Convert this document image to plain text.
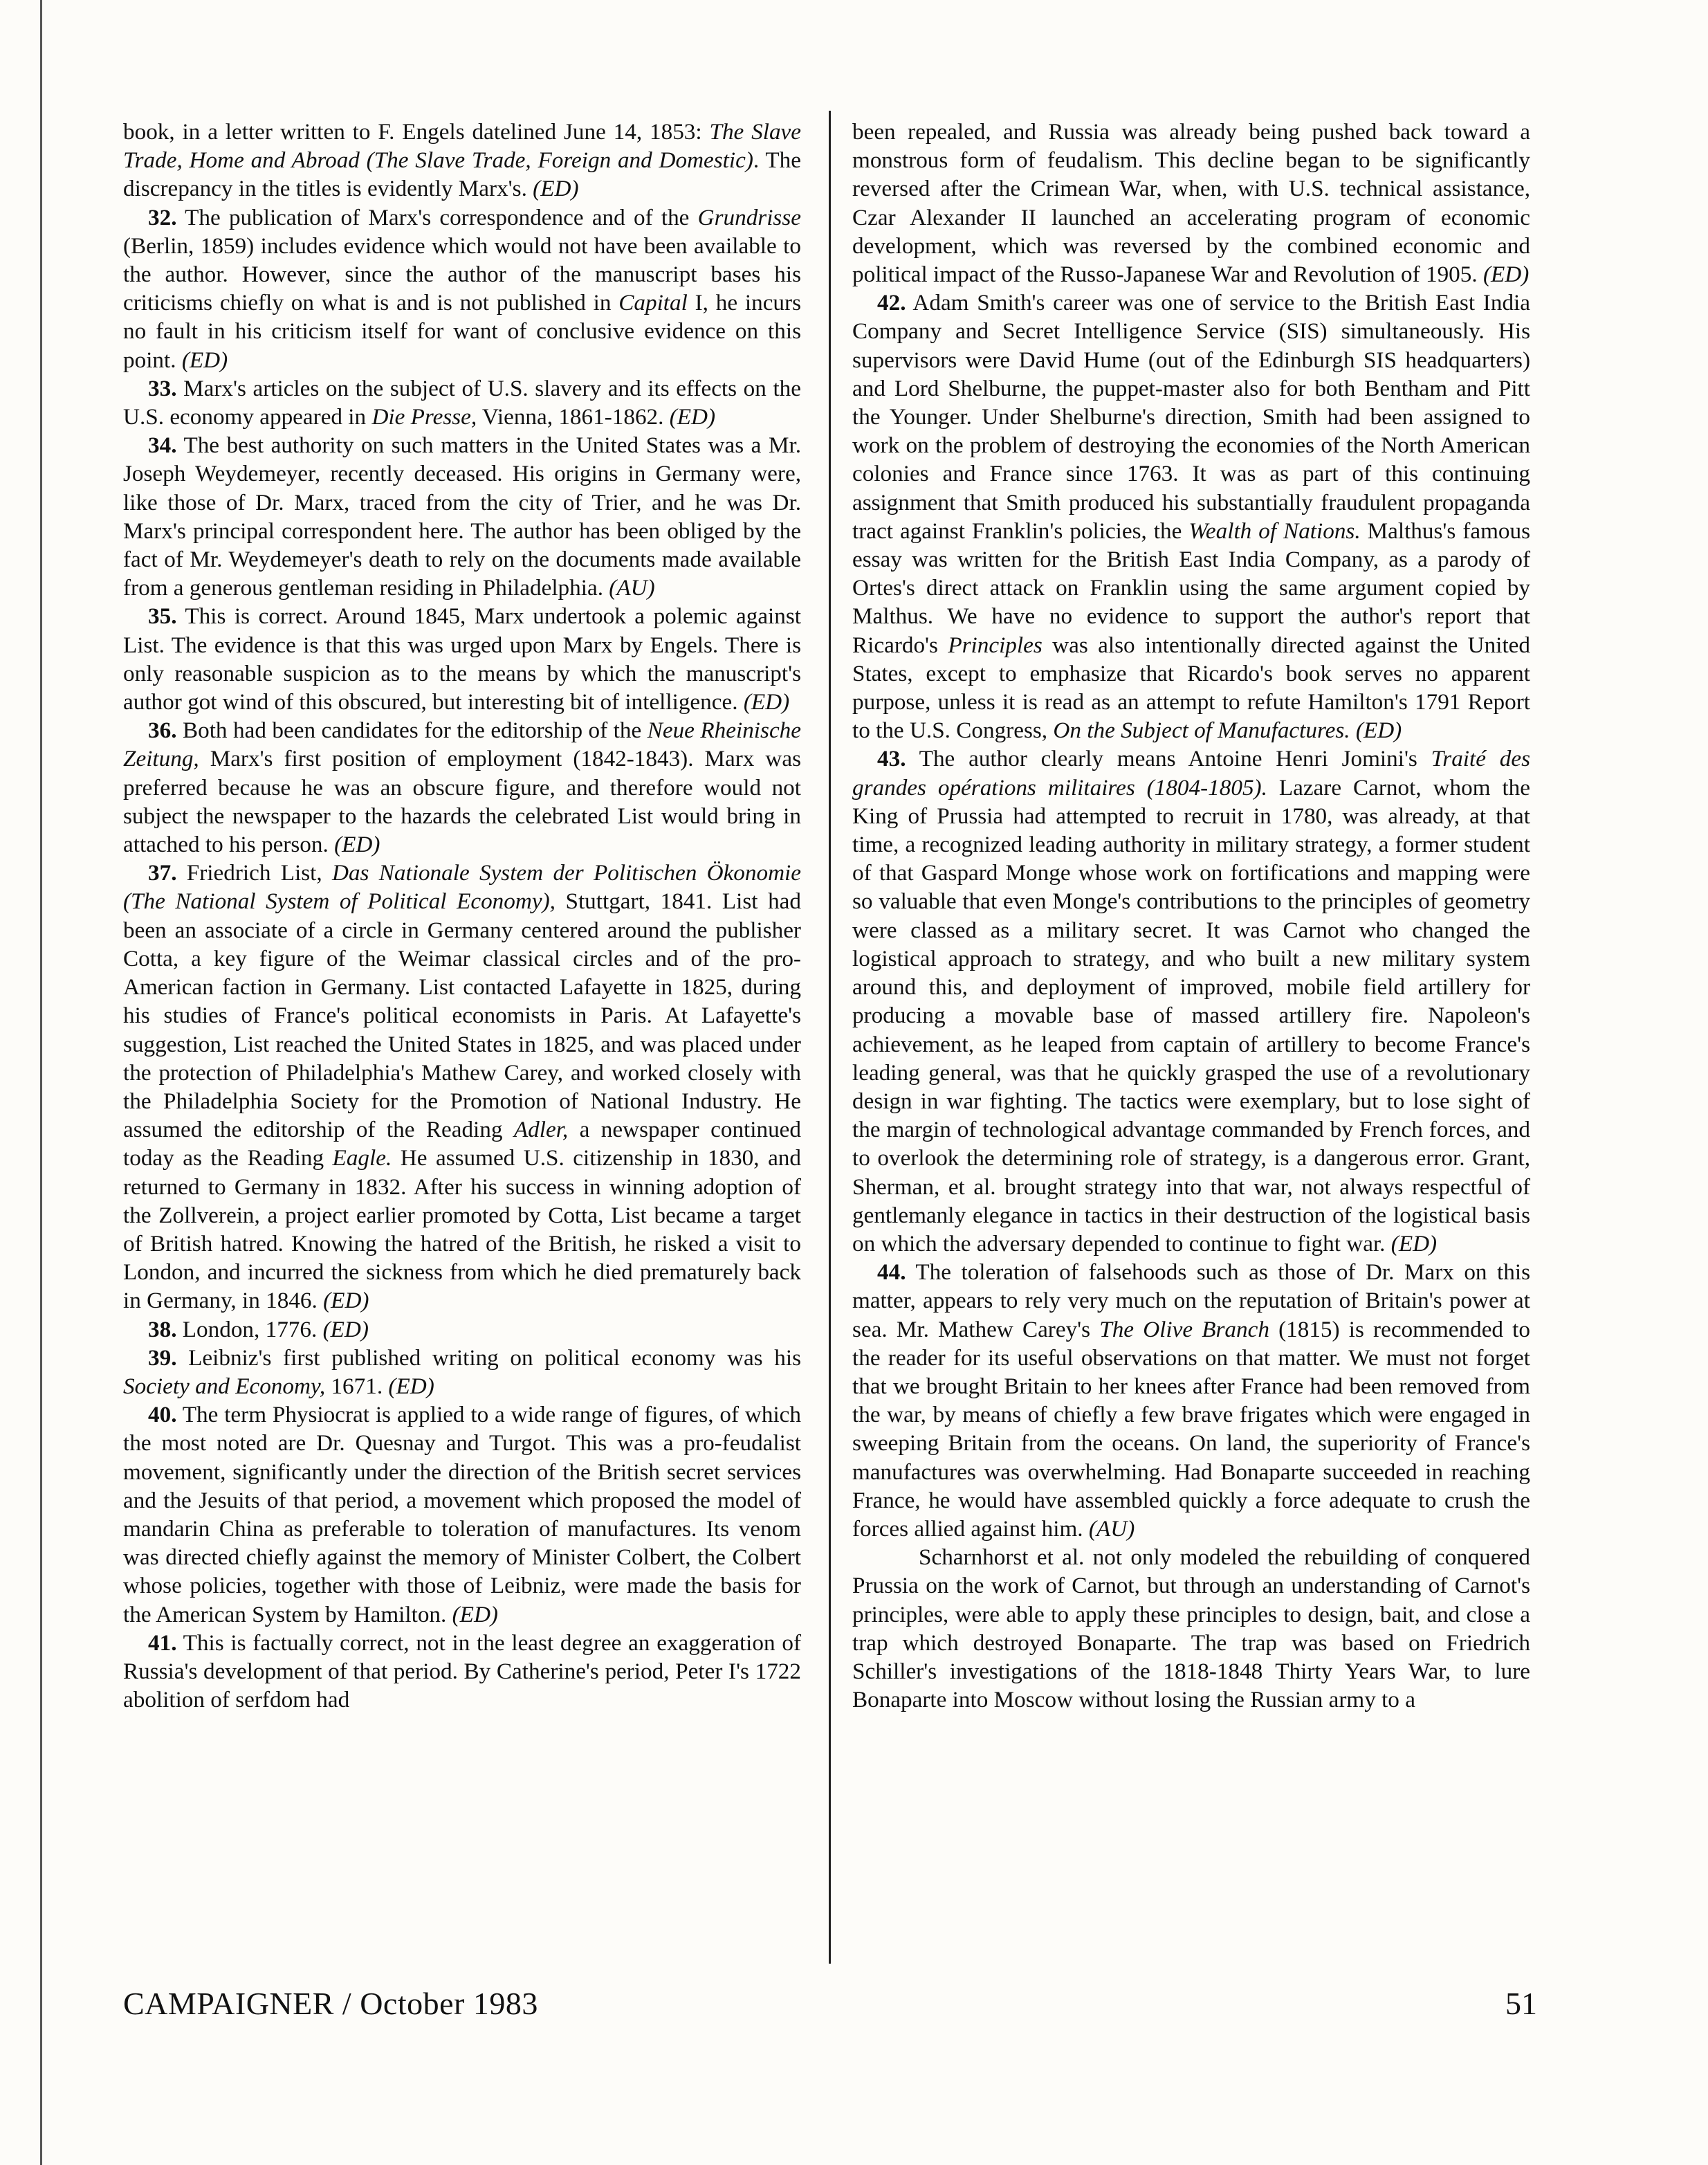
book, in a letter written to F. Engels datelined June 14, 1853: The Slave Trade, Home and Abroad (The Slave Trade, Foreign and Domestic). The discrepancy in the titles is evidently Marx's. (ED)

32. The publication of Marx's correspondence and of the Grundrisse (Berlin, 1859) includes evidence which would not have been available to the author. However, since the author of the manuscript bases his criticisms chiefly on what is and is not published in Capital I, he incurs no fault in his criticism itself for want of conclusive evidence on this point. (ED)

33. Marx's articles on the subject of U.S. slavery and its effects on the U.S. economy appeared in Die Presse, Vienna, 1861-1862. (ED)

34. The best authority on such matters in the United States was a Mr. Joseph Weydemeyer, recently deceased. His origins in Germany were, like those of Dr. Marx, traced from the city of Trier, and he was Dr. Marx's principal correspondent here. The author has been obliged by the fact of Mr. Weydemeyer's death to rely on the documents made available from a generous gentleman residing in Philadelphia. (AU)

35. This is correct. Around 1845, Marx undertook a polemic against List. The evidence is that this was urged upon Marx by Engels. There is only reasonable suspicion as to the means by which the manuscript's author got wind of this obscured, but interesting bit of intelligence. (ED)

36. Both had been candidates for the editorship of the Neue Rheinische Zeitung, Marx's first position of employment (1842-1843). Marx was preferred because he was an obscure figure, and therefore would not subject the newspaper to the hazards the celebrated List would bring in attached to his person. (ED)

37. Friedrich List, Das Nationale System der Politischen Ökonomie (The National System of Political Economy), Stuttgart, 1841. List had been an associate of a circle in Germany centered around the publisher Cotta, a key figure of the Weimar classical circles and of the pro-American faction in Germany. List contacted Lafayette in 1825, during his studies of France's political economists in Paris. At Lafayette's suggestion, List reached the United States in 1825, and was placed under the protection of Philadelphia's Mathew Carey, and worked closely with the Philadelphia Society for the Promotion of National Industry. He assumed the editorship of the Reading Adler, a newspaper continued today as the Reading Eagle. He assumed U.S. citizenship in 1830, and returned to Germany in 1832. After his success in winning adoption of the Zollverein, a project earlier promoted by Cotta, List became a target of British hatred. Knowing the hatred of the British, he risked a visit to London, and incurred the sickness from which he died prematurely back in Germany, in 1846. (ED)

38. London, 1776. (ED)

39. Leibniz's first published writing on political economy was his Society and Economy, 1671. (ED)

40. The term Physiocrat is applied to a wide range of figures, of which the most noted are Dr. Quesnay and Turgot. This was a pro-feudalist movement, significantly under the direction of the British secret services and the Jesuits of that period, a movement which proposed the model of mandarin China as preferable to toleration of manufactures. Its venom was directed chiefly against the memory of Minister Colbert, the Colbert whose policies, together with those of Leibniz, were made the basis for the American System by Hamilton. (ED)

41. This is factually correct, not in the least degree an exaggeration of Russia's development of that period. By Catherine's period, Peter I's 1722 abolition of serfdom had

been repealed, and Russia was already being pushed back toward a monstrous form of feudalism. This decline began to be significantly reversed after the Crimean War, when, with U.S. technical assistance, Czar Alexander II launched an accelerating program of economic development, which was reversed by the combined economic and political impact of the Russo-Japanese War and Revolution of 1905. (ED)

42. Adam Smith's career was one of service to the British East India Company and Secret Intelligence Service (SIS) simultaneously. His supervisors were David Hume (out of the Edinburgh SIS headquarters) and Lord Shelburne, the puppet-master also for both Bentham and Pitt the Younger. Under Shelburne's direction, Smith had been assigned to work on the problem of destroying the economies of the North American colonies and France since 1763. It was as part of this continuing assignment that Smith produced his substantially fraudulent propaganda tract against Franklin's policies, the Wealth of Nations. Malthus's famous essay was written for the British East India Company, as a parody of Ortes's direct attack on Franklin using the same argument copied by Malthus. We have no evidence to support the author's report that Ricardo's Principles was also intentionally directed against the United States, except to emphasize that Ricardo's book serves no apparent purpose, unless it is read as an attempt to refute Hamilton's 1791 Report to the U.S. Congress, On the Subject of Manufactures. (ED)

43. The author clearly means Antoine Henri Jomini's Traité des grandes opérations militaires (1804-1805). Lazare Carnot, whom the King of Prussia had attempted to recruit in 1780, was already, at that time, a recognized leading authority in military strategy, a former student of that Gaspard Monge whose work on fortifications and mapping were so valuable that even Monge's contributions to the principles of geometry were classed as a military secret. It was Carnot who changed the logistical approach to strategy, and who built a new military system around this, and deployment of improved, mobile field artillery for producing a movable base of massed artillery fire. Napoleon's achievement, as he leaped from captain of artillery to become France's leading general, was that he quickly grasped the use of a revolutionary design in war fighting. The tactics were exemplary, but to lose sight of the margin of technological advantage commanded by French forces, and to overlook the determining role of strategy, is a dangerous error. Grant, Sherman, et al. brought strategy into that war, not always respectful of gentlemanly elegance in tactics in their destruction of the logistical basis on which the adversary depended to continue to fight war. (ED)

44. The toleration of falsehoods such as those of Dr. Marx on this matter, appears to rely very much on the reputation of Britain's power at sea. Mr. Mathew Carey's The Olive Branch (1815) is recommended to the reader for its useful observations on that matter. We must not forget that we brought Britain to her knees after France had been removed from the war, by means of chiefly a few brave frigates which were engaged in sweeping Britain from the oceans. On land, the superiority of France's manufactures was overwhelming. Had Bonaparte succeeded in reaching France, he would have assembled quickly a force adequate to crush the forces allied against him. (AU)

Scharnhorst et al. not only modeled the rebuilding of conquered Prussia on the work of Carnot, but through an understanding of Carnot's principles, were able to apply these principles to design, bait, and close a trap which destroyed Bonaparte. The trap was based on Friedrich Schiller's investigations of the 1818-1848 Thirty Years War, to lure Bonaparte into Moscow without losing the Russian army to a

CAMPAIGNER / October 1983	51
